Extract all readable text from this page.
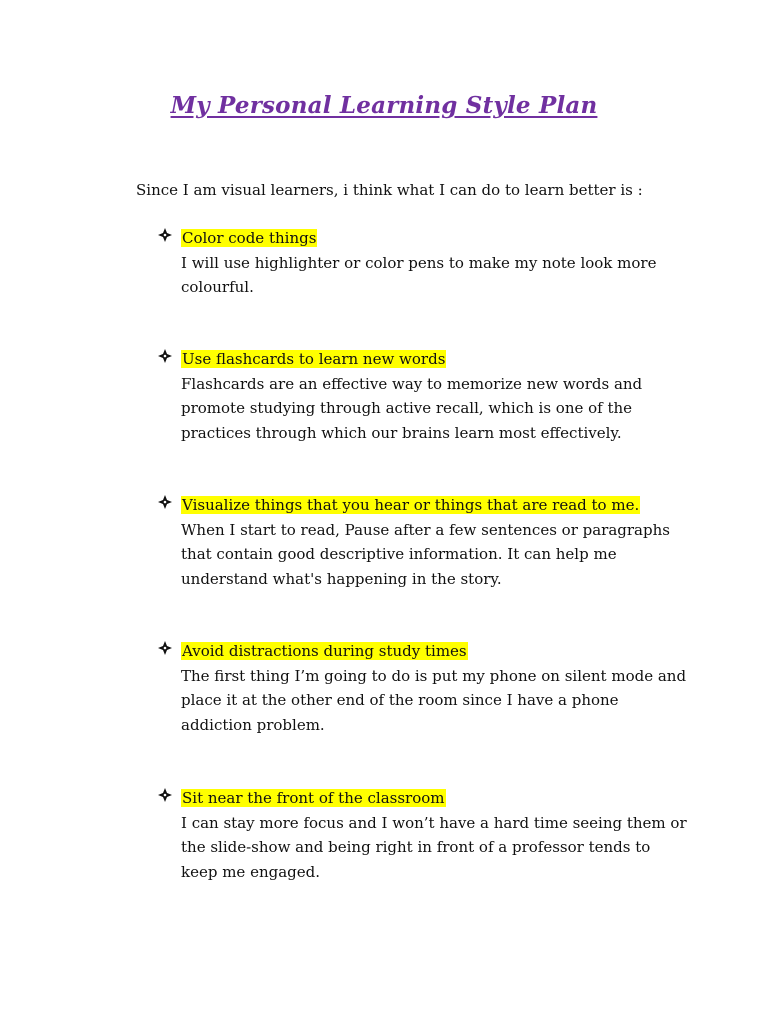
My Personal Learning Style Plan
Since I am visual learners, i think what I can do to learn better is :
Color code things
I will use highlighter or color pens to make my note look more
colourful.
Use flashcards to learn new words
Flashcards are an effective way to memorize new words and
promote studying through active recall, which is one of the
practices through which our brains learn most effectively.
Visualize things that you hear or things that are read to me.
When I start to read, Pause after a few sentences or paragraphs
that contain good descriptive information. It can help me
understand what's happening in the story.
Avoid distractions during study times
The first thing I’m going to do is put my phone on silent mode and
place it at the other end of the room since I have a phone
addiction problem.
Sit near the front of the classroom
I can stay more focus and I won’t have a hard time seeing them or
the slide-show and being right in front of a professor tends to
keep me engaged.
